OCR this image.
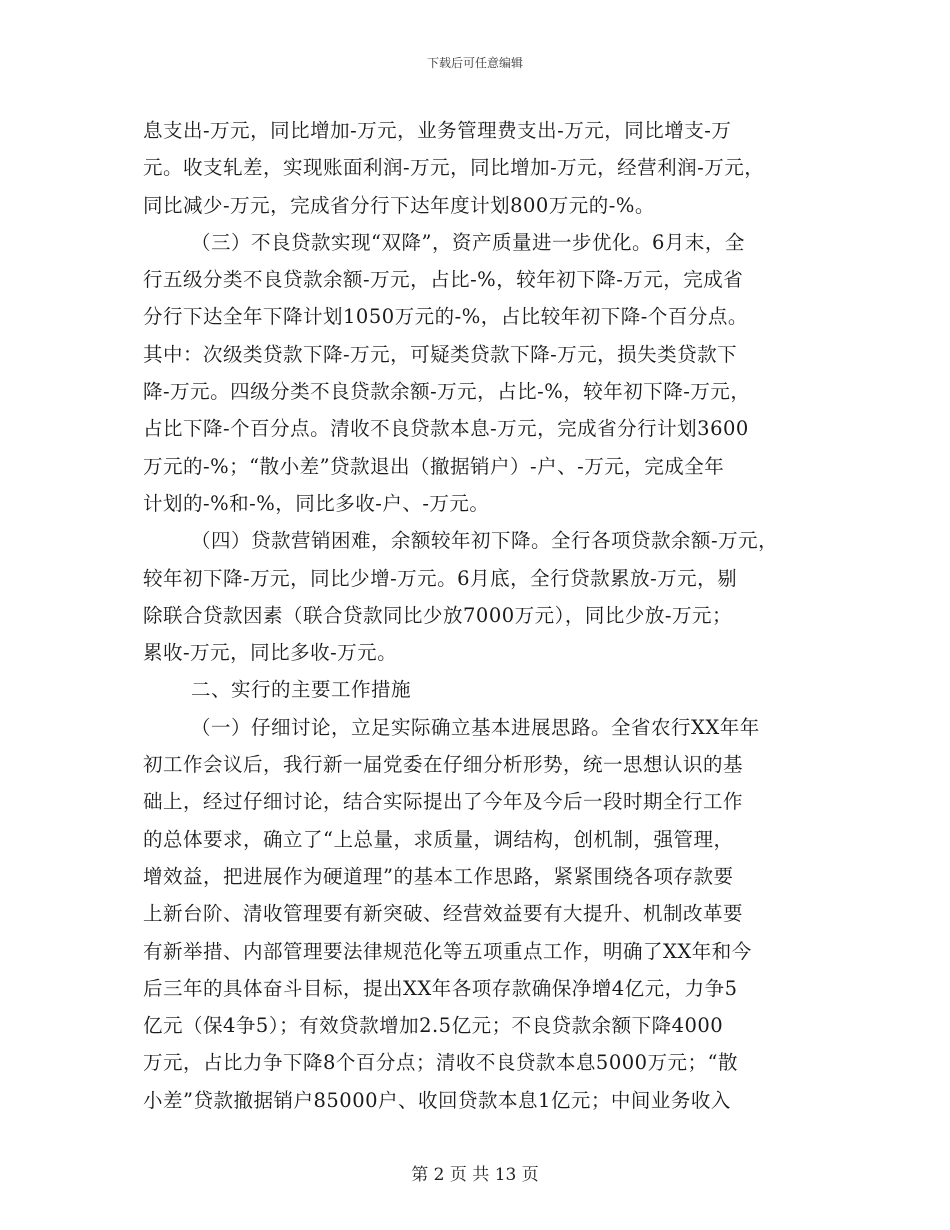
下载后可任意编辑
息支出-万元，同比增加-万元，业务管理费支出-万元，同比增支-万
元。收支轧差，实现账面利润-万元，同比增加-万元，经营利润-万元，
同比减少-万元，完成省分行下达年度计划800万元的-%。
（三）不良贷款实现“双降”，资产质量进一步优化。6月末，全
行五级分类不良贷款余额-万元，占比-%，较年初下降-万元，完成省
分行下达全年下降计划1050万元的-%，占比较年初下降-个百分点。
其中：次级类贷款下降-万元，可疑类贷款下降-万元，损失类贷款下
降-万元。四级分类不良贷款余额-万元，占比-%，较年初下降-万元，
占比下降-个百分点。清收不良贷款本息-万元，完成省分行计划3600
万元的-%；“散小差”贷款退出（撤据销户）-户、-万元，完成全年
计划的-%和-%，同比多收-户、-万元。
（四）贷款营销困难，余额较年初下降。全行各项贷款余额-万元，
较年初下降-万元，同比少增-万元。6月底，全行贷款累放-万元，剔
除联合贷款因素（联合贷款同比少放7000万元），同比少放-万元；
累收-万元，同比多收-万元。
二、实行的主要工作措施
（一）仔细讨论，立足实际确立基本进展思路。全省农行XX年年
初工作会议后，我行新一届党委在仔细分析形势，统一思想认识的基
础上，经过仔细讨论，结合实际提出了今年及今后一段时期全行工作
的总体要求，确立了“上总量，求质量，调结构，创机制，强管理，
增效益，把进展作为硬道理”的基本工作思路，紧紧围绕各项存款要
上新台阶、清收管理要有新突破、经营效益要有大提升、机制改革要
有新举措、内部管理要法律规范化等五项重点工作，明确了XX年和今
后三年的具体奋斗目标，提出XX年各项存款确保净增4亿元，力争5
亿元（保4争5）；有效贷款增加2.5亿元；不良贷款余额下降4000
万元，占比力争下降8个百分点；清收不良贷款本息5000万元；“散
小差”贷款撤据销户85000户、收回贷款本息1亿元；中间业务收入
第 2 页 共 13 页
